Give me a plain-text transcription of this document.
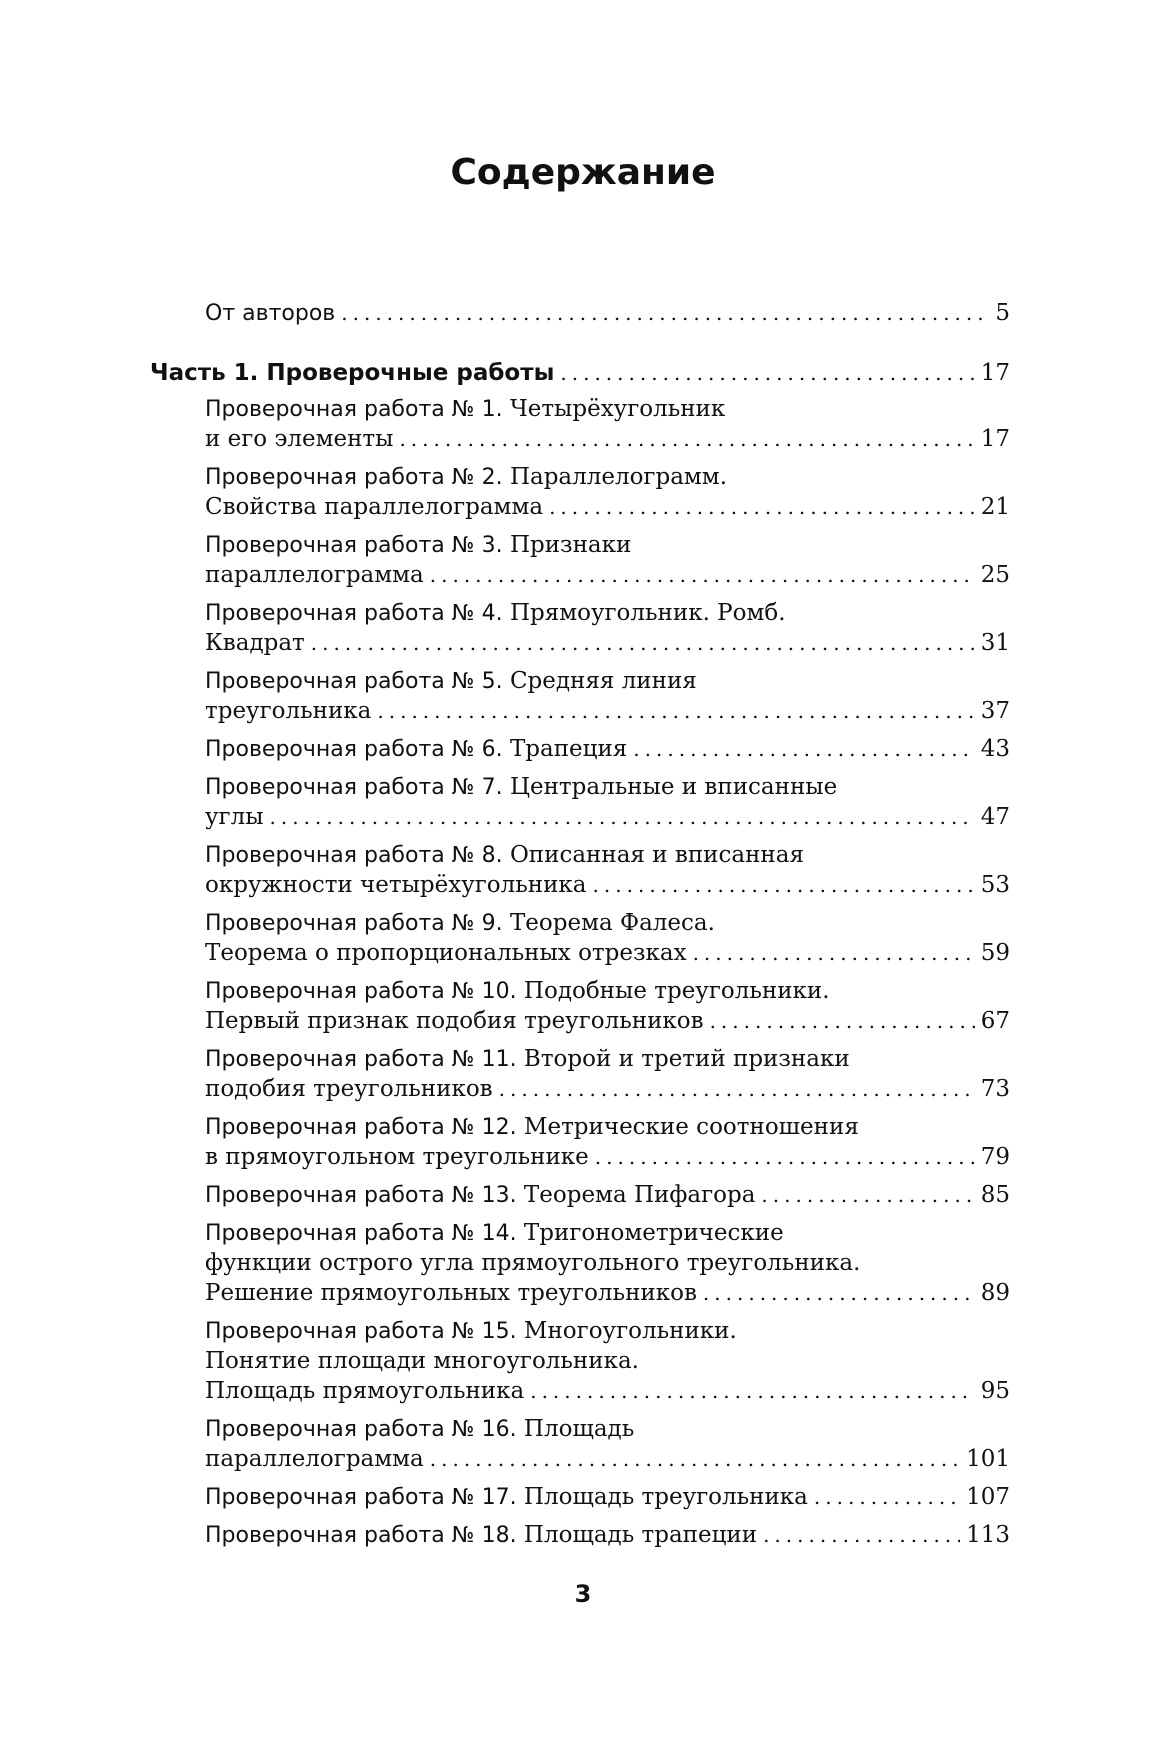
Содержание
От авторов .....	5
Часть 1. Проверочные работы .....	17
Проверочная работа № 1.
Четырёхугольник
и его элементы .....	17
Проверочная работа № 2.
Параллелограмм.
Свойства параллелограмма .....	21
Проверочная работа № 3.
Признаки
параллелограмма .....	25
Проверочная работа № 4.
Прямоугольник. Ромб.
Квадрат .....	31
Проверочная работа № 5.
Средняя линия
треугольника .....	37
Проверочная работа № 6.
Трапеция .....	43
Проверочная работа № 7.
Центральные и вписанные
углы .....	47
Проверочная работа № 8.
Описанная и вписанная
окружности четырёхугольника .....	53
Проверочная работа № 9.
Теорема Фалеса.
Теорема о пропорциональных отрезках .....	59
Проверочная работа № 10.
Подобные треугольники.
Первый признак подобия треугольников .....	67
Проверочная работа № 11.
Второй и третий признаки
подобия треугольников .....	73
Проверочная работа № 12.
Метрические соотношения
в прямоугольном треугольнике .....	79
Проверочная работа № 13.
Теорема Пифагора .....	85
Проверочная работа № 14.
Тригонометрические
функции острого угла прямоугольного треугольника.
Решение прямоугольных треугольников .....	89
Проверочная работа № 15.
Многоугольники.
Понятие площади многоугольника.
Площадь прямоугольника .....	95
Проверочная работа № 16.
Площадь
параллелограмма .....	101
Проверочная работа № 17.
Площадь треугольника .....	107
Проверочная работа № 18.
Площадь трапеции .....	113
3
